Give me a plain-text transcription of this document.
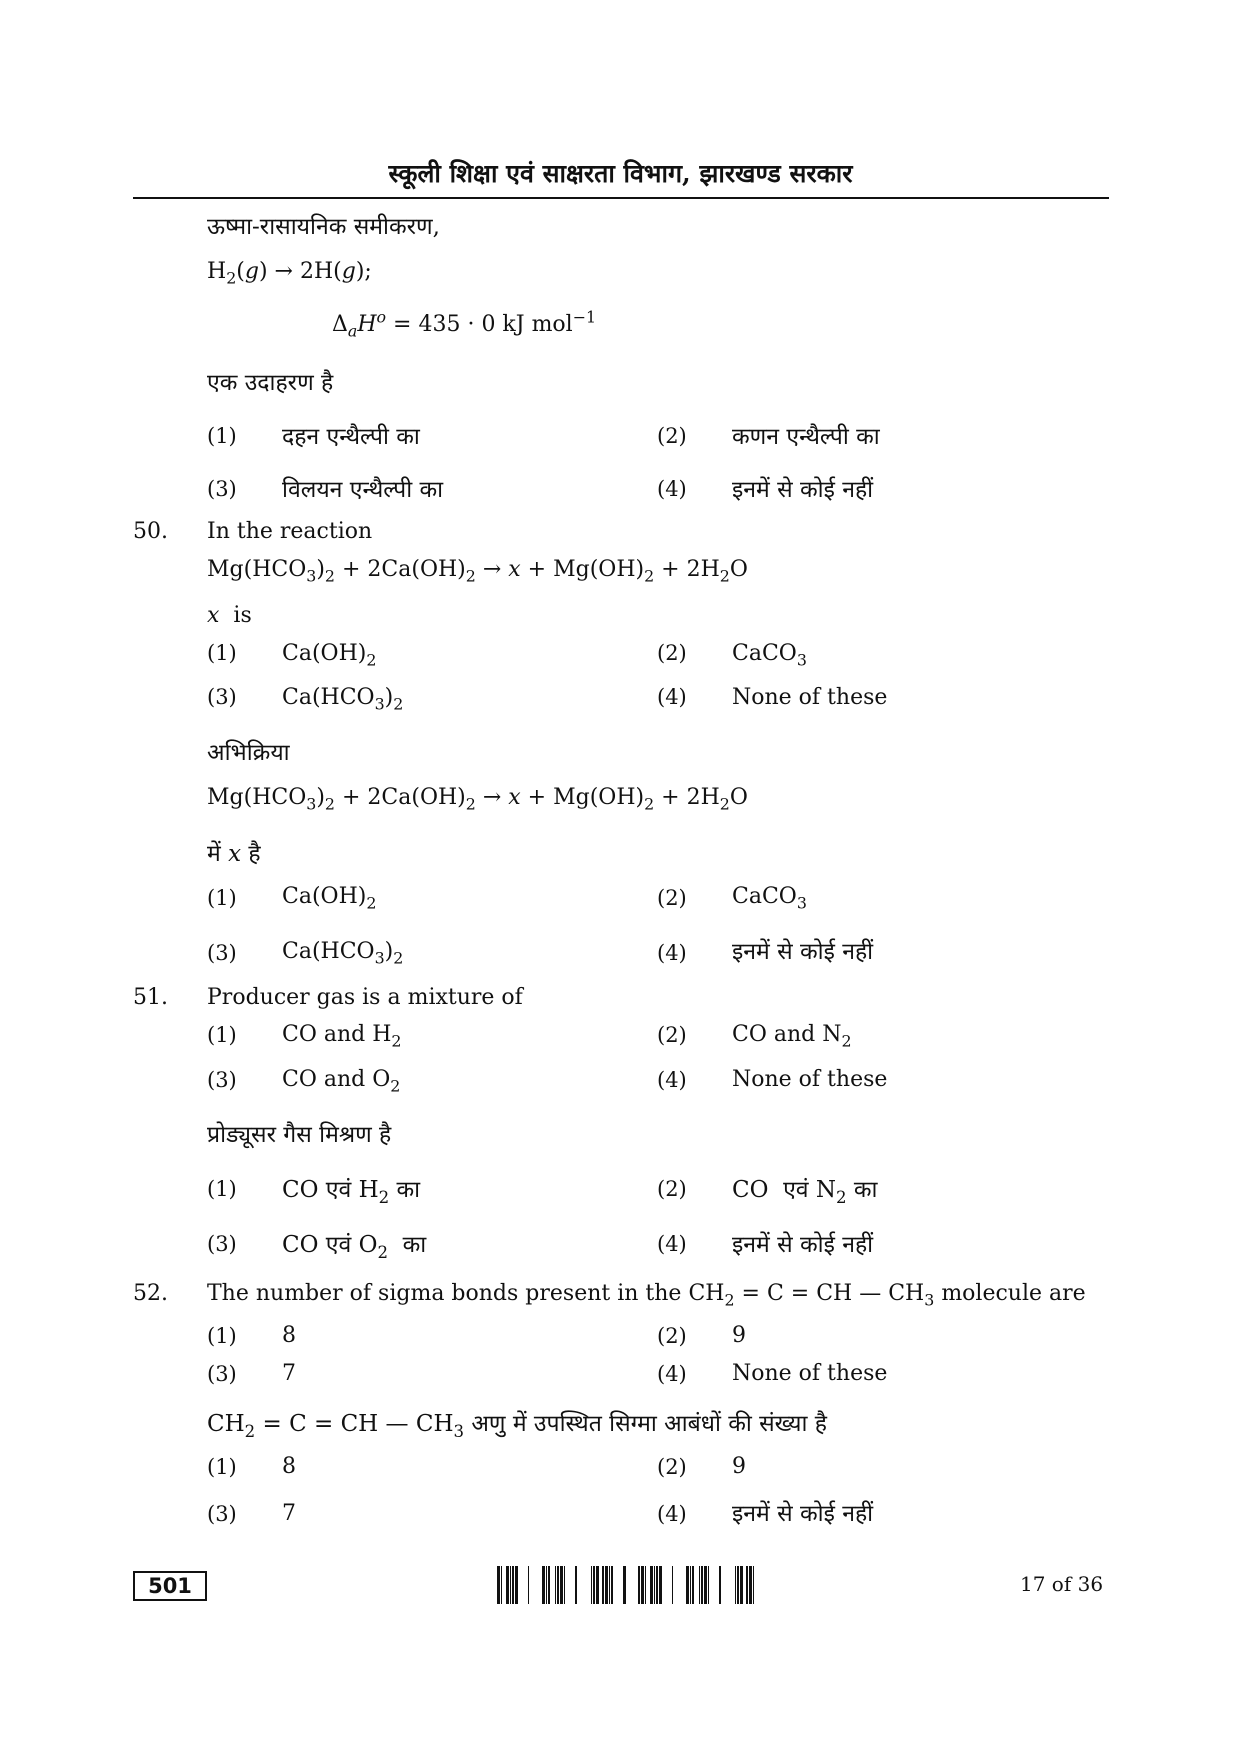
स्कूली शिक्षा एवं साक्षरता विभाग, झारखण्ड सरकार
ऊष्मा-रासायनिक समीकरण,
$H_2(g) \to 2H(g)$;
$\Delta_aH^o = 435 \cdot 0$ kJ mol$^{-1}$
एक उदाहरण है
(1) दहन एन्थैल्पी का	(2) कणन एन्थैल्पी का
(3) विलयन एन्थैल्पी का	(4) इनमें से कोई नहीं
50. In the reaction
$Mg(HCO_3)_2 + 2Ca(OH)_2 \to x + Mg(OH)_2 + 2H_2O$
x  is
(1) $Ca(OH)_2$	(2) CaCO$_3$
(3) $Ca(HCO_3)_2$	(4) None of these
अभिक्रिया
$Mg(HCO_3)_2 + 2Ca(OH)_2 \to x + Mg(OH)_2 + 2H_2O$
में x है
(1) $Ca(OH)_2$	(2) CaCO$_3$
(3) $Ca(HCO_3)_2$	(4) इनमें से कोई नहीं
51. Producer gas is a mixture of
(1) CO and $H_2$	(2) CO and $N_2$
(3) CO and $O_2$	(4) None of these
प्रोड्यूसर गैस मिश्रण है
(1) CO एवं $H_2$ का	(2) CO  एवं $N_2$ का
(3) CO एवं $O_2$  का	(4) इनमें से कोई नहीं
52. The number of sigma bonds present in the $CH_2 = C$ = CH — $CH_3$ molecule are
(1) 8	(2) 9
(3) 7	(4) None of these
$CH_2 = C$ = CH — $CH_3$ अणु में उपस्थित सिग्मा आबंधों की संख्या है
(1) 8	(2) 9
(3) 7	(4) इनमें से कोई नहीं
501	17 of 36
